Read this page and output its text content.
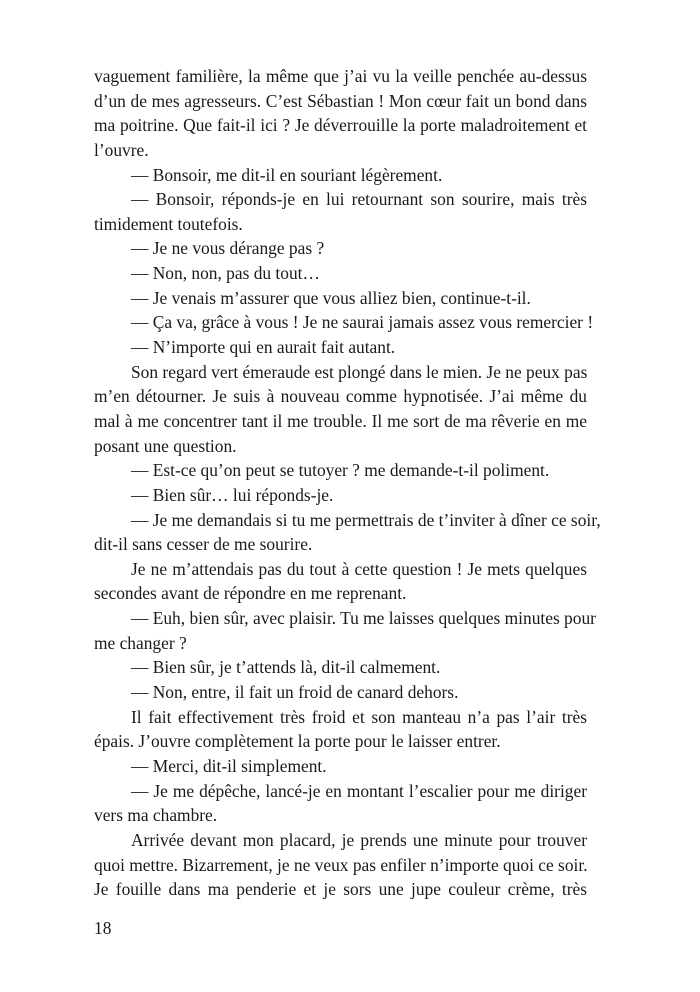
vaguement familière, la même que j’ai vu la veille penchée au-dessus
d’un de mes agresseurs. C’est Sébastian ! Mon cœur fait un bond dans
ma poitrine. Que fait-il ici ? Je déverrouille la porte maladroitement et
l’ouvre.
— Bonsoir, me dit-il en souriant légèrement.
— Bonsoir, réponds-je en lui retournant son sourire, mais très
timidement toutefois.
— Je ne vous dérange pas ?
— Non, non, pas du tout…
— Je venais m’assurer que vous alliez bien, continue-t-il.
— Ça va, grâce à vous ! Je ne saurai jamais assez vous remercier !
— N’importe qui en aurait fait autant.
Son regard vert émeraude est plongé dans le mien. Je ne peux pas
m’en détourner. Je suis à nouveau comme hypnotisée. J’ai même du
mal à me concentrer tant il me trouble. Il me sort de ma rêverie en me
posant une question.
— Est-ce qu’on peut se tutoyer ? me demande-t-il poliment.
— Bien sûr… lui réponds-je.
— Je me demandais si tu me permettrais de t’inviter à dîner ce soir,
dit-il sans cesser de me sourire.
Je ne m’attendais pas du tout à cette question ! Je mets quelques
secondes avant de répondre en me reprenant.
— Euh, bien sûr, avec plaisir. Tu me laisses quelques minutes pour
me changer ?
— Bien sûr, je t’attends là, dit-il calmement.
— Non, entre, il fait un froid de canard dehors.
Il fait effectivement très froid et son manteau n’a pas l’air très
épais. J’ouvre complètement la porte pour le laisser entrer.
— Merci, dit-il simplement.
— Je me dépêche, lancé-je en montant l’escalier pour me diriger
vers ma chambre.
Arrivée devant mon placard, je prends une minute pour trouver
quoi mettre. Bizarrement, je ne veux pas enfiler n’importe quoi ce soir.
Je fouille dans ma penderie et je sors une jupe couleur crème, très
18
